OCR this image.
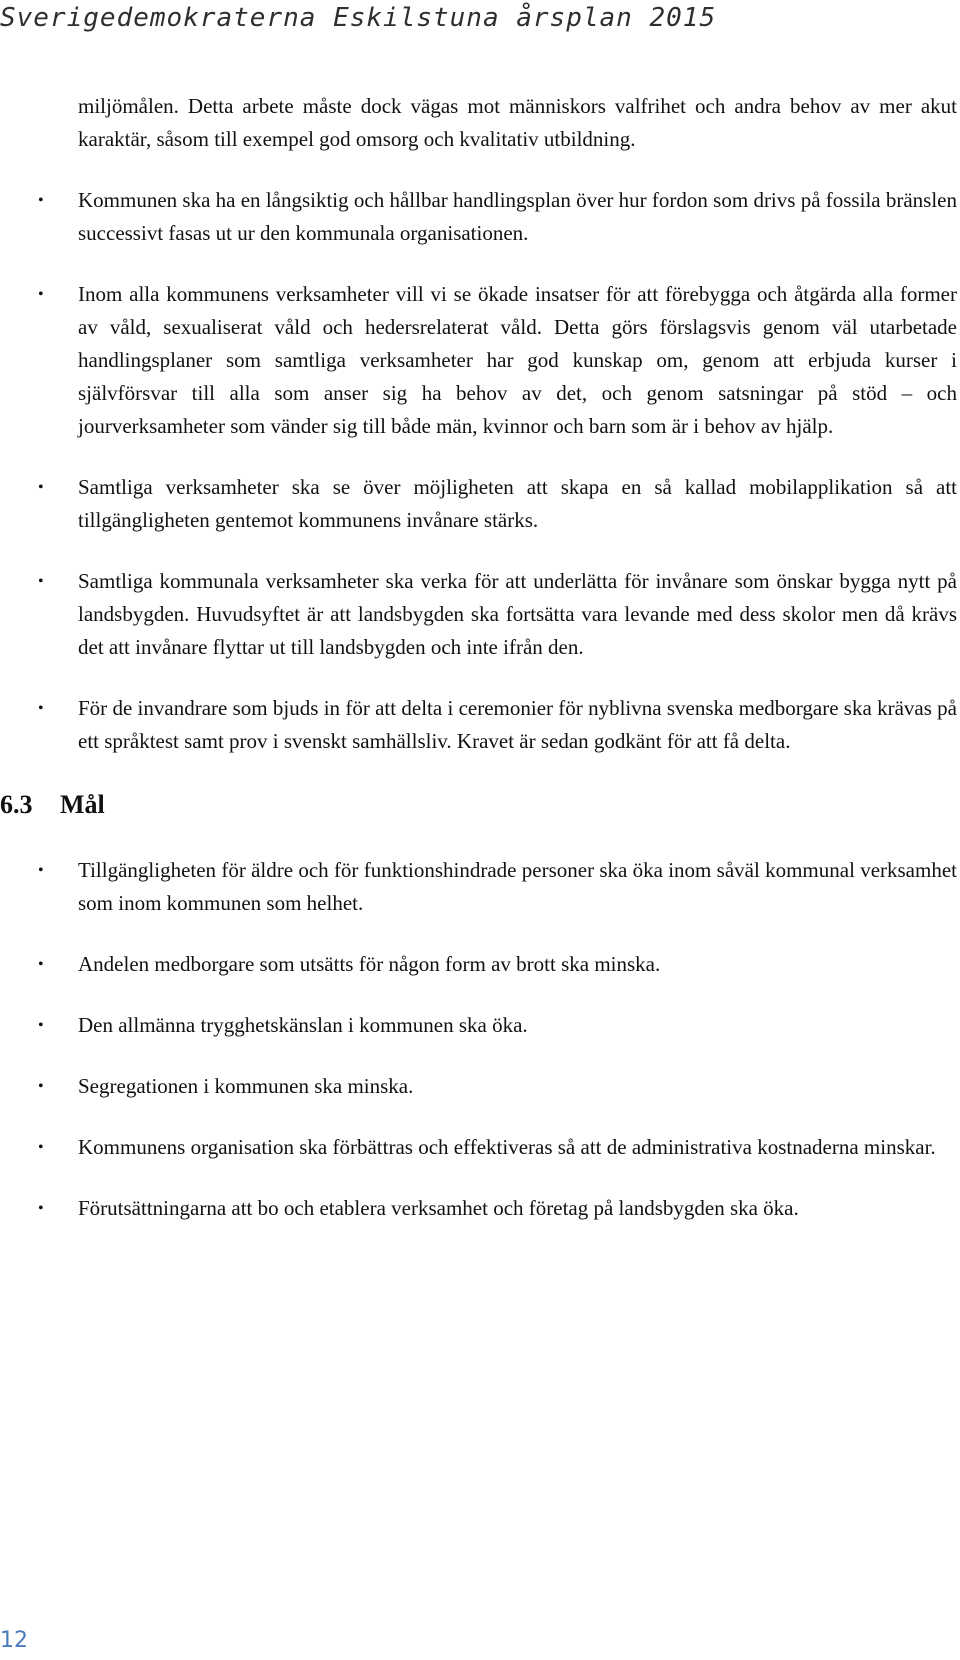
Sverigedemokraterna Eskilstuna årsplan 2015

miljömålen. Detta arbete måste dock vägas mot människors valfrihet och andra behov av mer akut karaktär, såsom till exempel god omsorg och kvalitativ utbildning.

•	Kommunen ska ha en långsiktig och hållbar handlingsplan över hur fordon som drivs på fossila bränslen successivt fasas ut ur den kommunala organisationen.
•	Inom alla kommunens verksamheter vill vi se ökade insatser för att förebygga och åtgärda alla former av våld, sexualiserat våld och hedersrelaterat våld. Detta görs förslagsvis genom väl utarbetade handlingsplaner som samtliga verksamheter har god kunskap om, genom att erbjuda kurser i självförsvar till alla som anser sig ha behov av det, och genom satsningar på stöd – och jourverksamheter som vänder sig till både män, kvinnor och barn som är i behov av hjälp.
•	Samtliga verksamheter ska se över möjligheten att skapa en så kallad mobilapplikation så att tillgängligheten gentemot kommunens invånare stärks.
•	Samtliga kommunala verksamheter ska verka för att underlätta för invånare som önskar bygga nytt på landsbygden. Huvudsyftet är att landsbygden ska fortsätta vara levande med dess skolor men då krävs det att invånare flyttar ut till landsbygden och inte ifrån den.
•	För de invandrare som bjuds in för att delta i ceremonier för nyblivna svenska medborgare ska krävas på ett språktest samt prov i svenskt samhällsliv. Kravet är sedan godkänt för att få delta.
6.3 Mål
•	Tillgängligheten för äldre och för funktionshindrade personer ska öka inom såväl kommunal verksamhet som inom kommunen som helhet.
•	Andelen medborgare som utsätts för någon form av brott ska minska.
•	Den allmänna trygghetskänslan i kommunen ska öka.
•	Segregationen i kommunen ska minska.
•	Kommunens organisation ska förbättras och effektiveras så att de administrativa kostnaderna minskar.
•	Förutsättningarna att bo och etablera verksamhet och företag på landsbygden ska öka.
12
